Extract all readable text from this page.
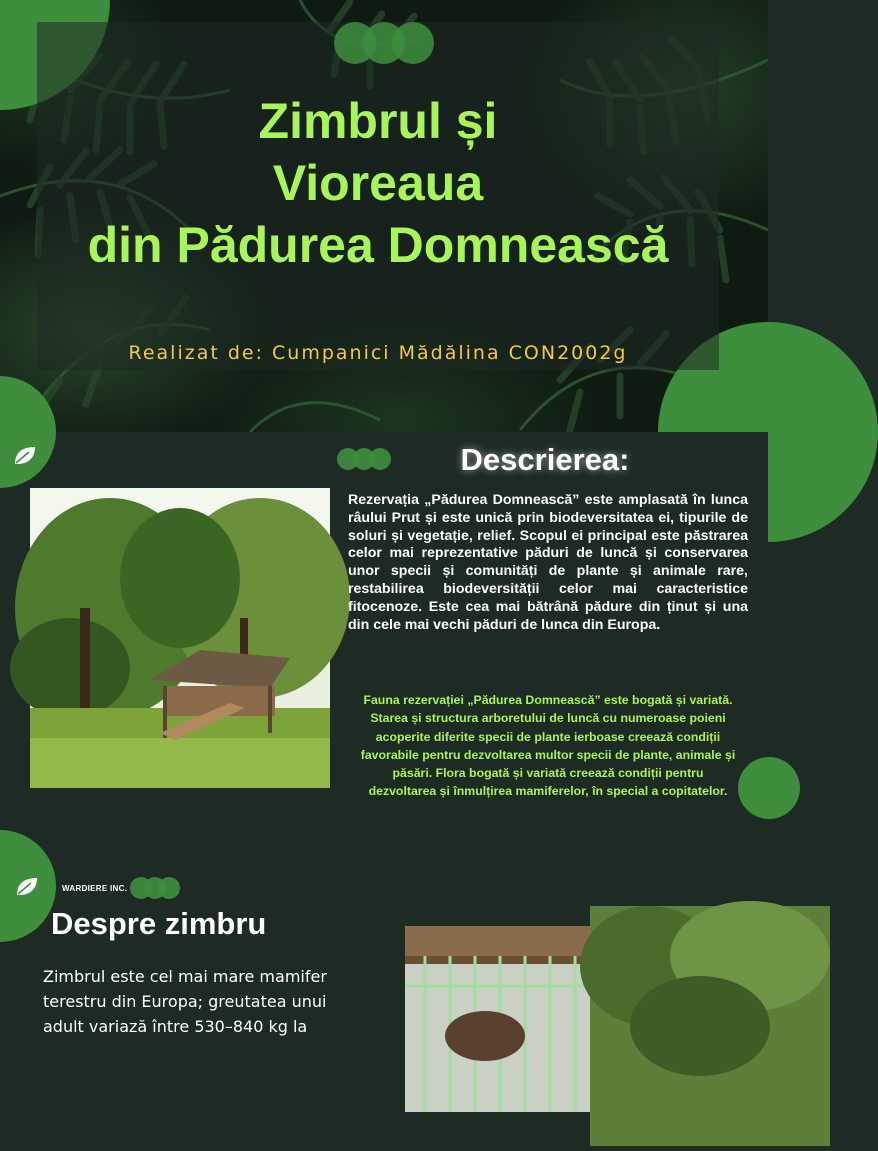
Zimbrul și
Vioreaua
din Pădurea Domnească
Realizat de: Cumpanici Mădălina CON2002g
Descrierea:

Rezervația „Pădurea Domnească” este amplasată în lunca râului Prut și este unică prin biodeversitatea ei, tipurile de soluri și vegetație, relief. Scopul ei principal este păstrarea celor mai reprezentative păduri de luncă și conservarea unor specii și comunități de plante și animale rare, restabilirea biodeversității celor mai caracteristice fitocenoze. Este cea mai bătrână pădure din ținut și una din cele mai vechi păduri de lunca din Europa.

Fauna rezervației „Pădurea Domnească” este bogată și variată. Starea și structura arboretului de luncă cu numeroase poieni acoperite diferite specii de plante ierboase creează condiții favorabile pentru dezvoltarea multor specii de plante, animale și păsări. Flora bogată și variată creează condiții pentru dezvoltarea și înmulțirea mamiferelor, în special a copitatelor.

WARDIERE INC.
Despre zimbru

Zimbrul este cel mai mare mamifer terestru din Europa; greutatea unui adult variază între 530–840 kg la
